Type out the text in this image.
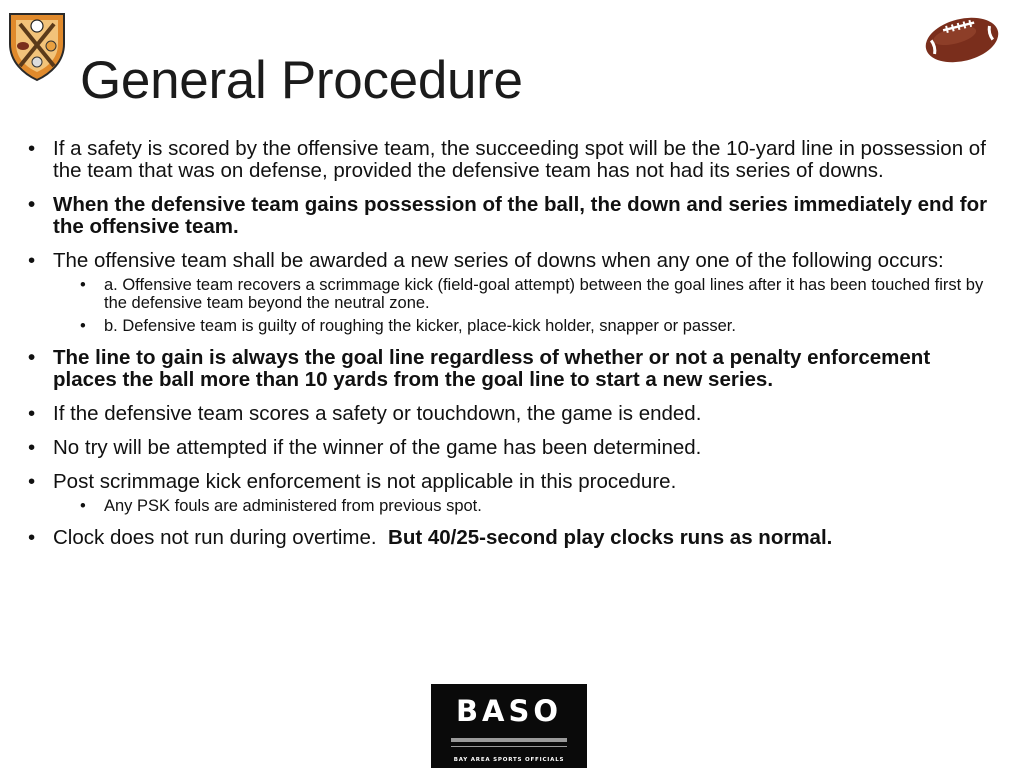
General Procedure
• If a safety is scored by the offensive team, the succeeding spot will be the 10-yard line in possession of the team that was on defense, provided the defensive team has not had its series of downs.
• When the defensive team gains possession of the ball, the down and series immediately end for the offensive team.
• The offensive team shall be awarded a new series of downs when any one of the following occurs:
• a. Offensive team recovers a scrimmage kick (field-goal attempt) between the goal lines after it has been touched first by the defensive team beyond the neutral zone.
• b. Defensive team is guilty of roughing the kicker, place-kick holder, snapper or passer.
• The line to gain is always the goal line regardless of whether or not a penalty enforcement places the ball more than 10 yards from the goal line to start a new series.
• If the defensive team scores a safety or touchdown, the game is ended.
• No try will be attempted if the winner of the game has been determined.
• Post scrimmage kick enforcement is not applicable in this procedure.
• Any PSK fouls are administered from previous spot.
• Clock does not run during overtime. But 40/25-second play clocks runs as normal.
BASO
BAY AREA SPORTS OFFICIALS
